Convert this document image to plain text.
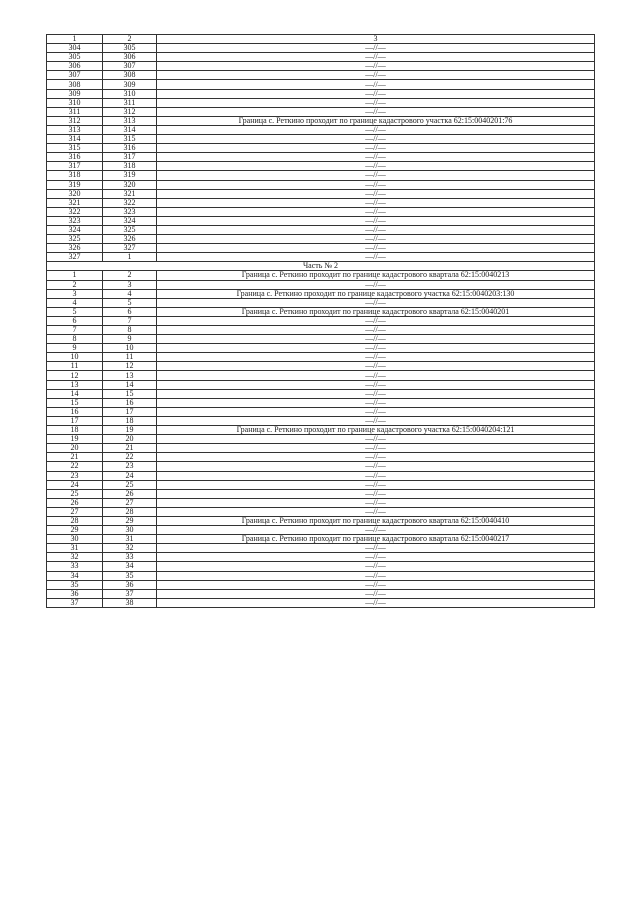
1	2	3
304	305	—//—
305	306	—//—
306	307	—//—
307	308	—//—
308	309	—//—
309	310	—//—
310	311	—//—
311	312	—//—
312	313	Граница с. Реткино проходит по границе кадастрового участка 62:15:0040201:76
313	314	—//—
314	315	—//—
315	316	—//—
316	317	—//—
317	318	—//—
318	319	—//—
319	320	—//—
320	321	—//—
321	322	—//—
322	323	—//—
323	324	—//—
324	325	—//—
325	326	—//—
326	327	—//—
327	1	—//—
Часть № 2		
1	2	Граница с. Реткино проходит по границе кадастрового квартала 62:15:0040213
2	3	—//—
3	4	Граница с. Реткино проходит по границе кадастрового участка 62:15:0040203:130
4	5	—//—
5	6	Граница с. Реткино проходит по границе кадастрового квартала 62:15:0040201
6	7	—//—
7	8	—//—
8	9	—//—
9	10	—//—
10	11	—//—
11	12	—//—
12	13	—//—
13	14	—//—
14	15	—//—
15	16	—//—
16	17	—//—
17	18	—//—
18	19	Граница с. Реткино проходит по границе кадастрового участка 62:15:0040204:121
19	20	—//—
20	21	—//—
21	22	—//—
22	23	—//—
23	24	—//—
24	25	—//—
25	26	—//—
26	27	—//—
27	28	—//—
28	29	Граница с. Реткино проходит по границе кадастрового квартала 62:15:0040410
29	30	—//—
30	31	Граница с. Реткино проходит по границе кадастрового квартала 62:15:0040217
31	32	—//—
32	33	—//—
33	34	—//—
34	35	—//—
35	36	—//—
36	37	—//—
37	38	—//—
